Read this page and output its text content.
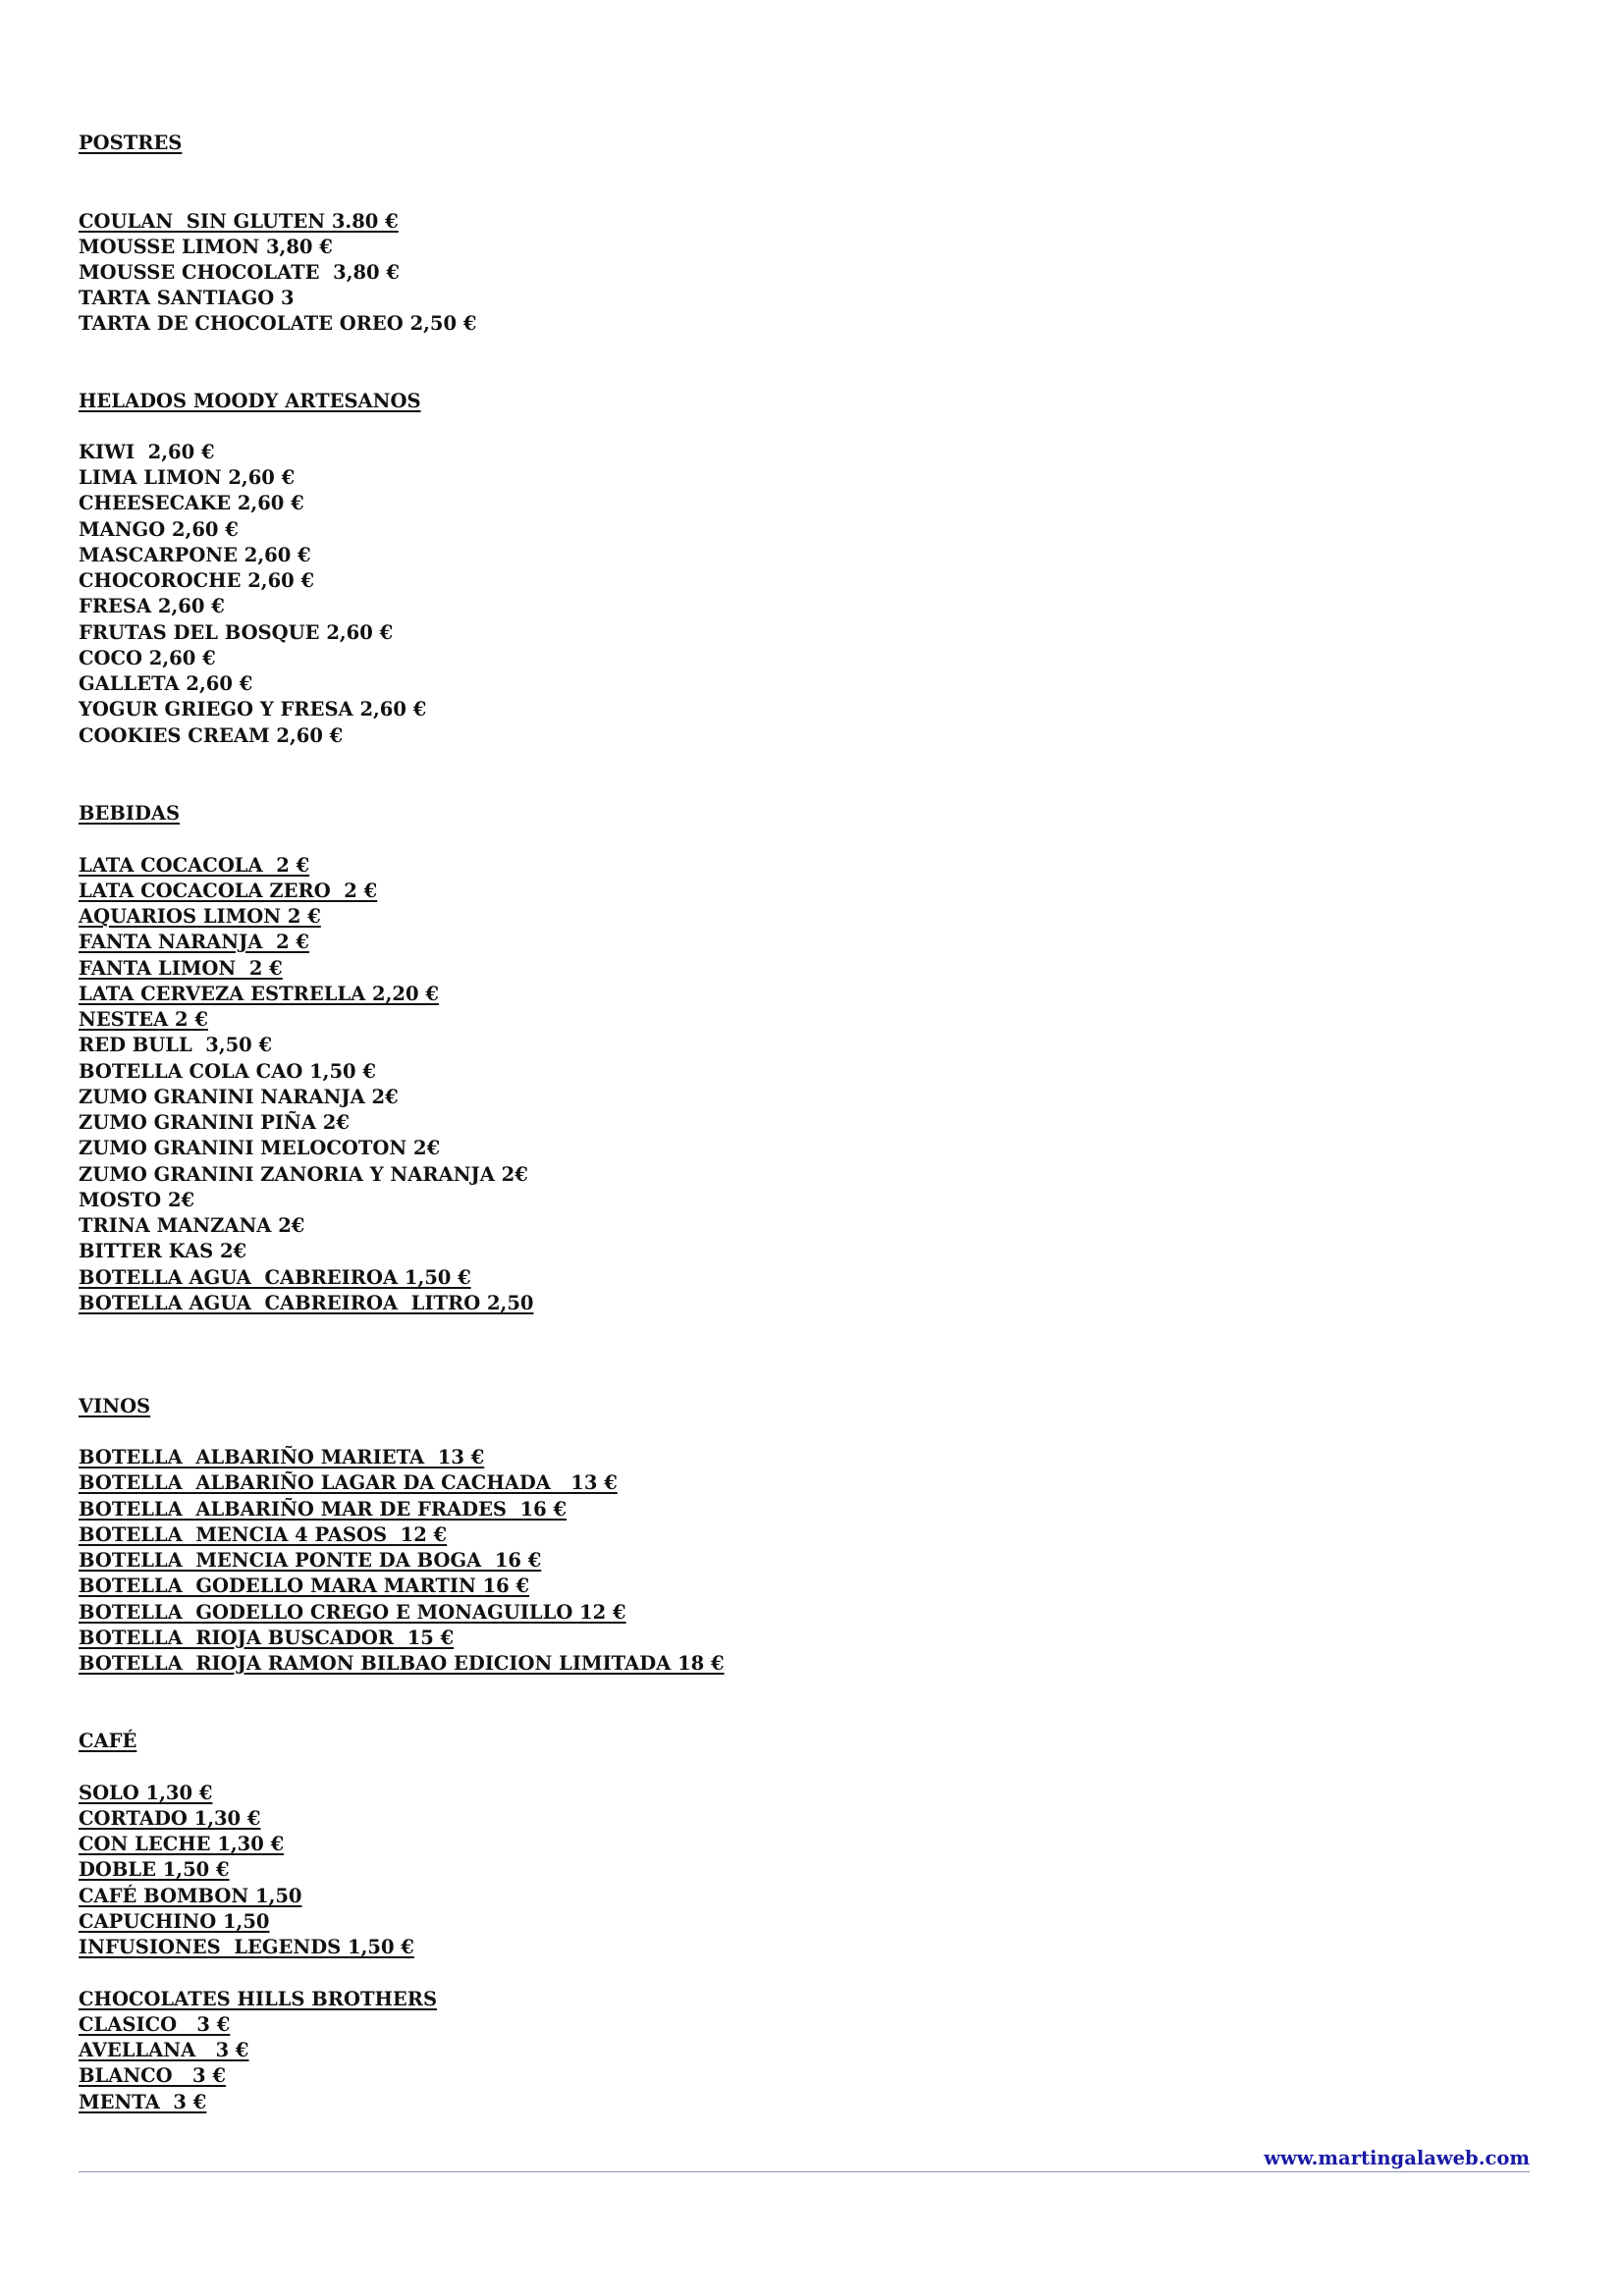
POSTRES
COULAN  SIN GLUTEN 3.80 €
MOUSSE LIMON 3,80 €
MOUSSE CHOCOLATE  3,80 €
TARTA SANTIAGO 3
TARTA DE CHOCOLATE OREO 2,50 €
HELADOS MOODY ARTESANOS
KIWI  2,60 €
LIMA LIMON 2,60 €
CHEESECAKE 2,60 €
MANGO 2,60 €
MASCARPONE 2,60 €
CHOCOROCHE 2,60 €
FRESA 2,60 €
FRUTAS DEL BOSQUE 2,60 €
COCO 2,60 €
GALLETA 2,60 €
YOGUR GRIEGO Y FRESA 2,60 €
COOKIES CREAM 2,60 €
BEBIDAS
LATA COCACOLA  2 €
LATA COCACOLA ZERO  2 €
AQUARIOS LIMON 2 €
FANTA NARANJA  2 €
FANTA LIMON  2 €
LATA CERVEZA ESTRELLA 2,20 €
NESTEA 2 €
RED BULL  3,50 €
BOTELLA COLA CAO 1,50 €
ZUMO GRANINI NARANJA 2€
ZUMO GRANINI PIÑA 2€
ZUMO GRANINI MELOCOTON 2€
ZUMO GRANINI ZANORIA Y NARANJA 2€
MOSTO 2€
TRINA MANZANA 2€
BITTER KAS 2€
BOTELLA AGUA  CABREIROA 1,50 €
BOTELLA AGUA  CABREIROA  LITRO 2,50
VINOS
BOTELLA  ALBARIÑO MARIETA  13 €
BOTELLA  ALBARIÑO LAGAR DA CACHADA   13 €
BOTELLA  ALBARIÑO MAR DE FRADES  16 €
BOTELLA  MENCIA 4 PASOS  12 €
BOTELLA  MENCIA PONTE DA BOGA  16 €
BOTELLA  GODELLO MARA MARTIN 16 €
BOTELLA  GODELLO CREGO E MONAGUILLO 12 €
BOTELLA  RIOJA BUSCADOR  15 €
BOTELLA  RIOJA RAMON BILBAO EDICION LIMITADA 18 €
CAFÉ
SOLO 1,30 €
CORTADO 1,30 €
CON LECHE 1,30 €
DOBLE 1,50 €
CAFÉ BOMBON 1,50
CAPUCHINO 1,50
INFUSIONES  LEGENDS 1,50 €
CHOCOLATES HILLS BROTHERS
CLASICO   3 €
AVELLANA   3 €
BLANCO   3 €
MENTA  3 €
www.martingalaweb.com
